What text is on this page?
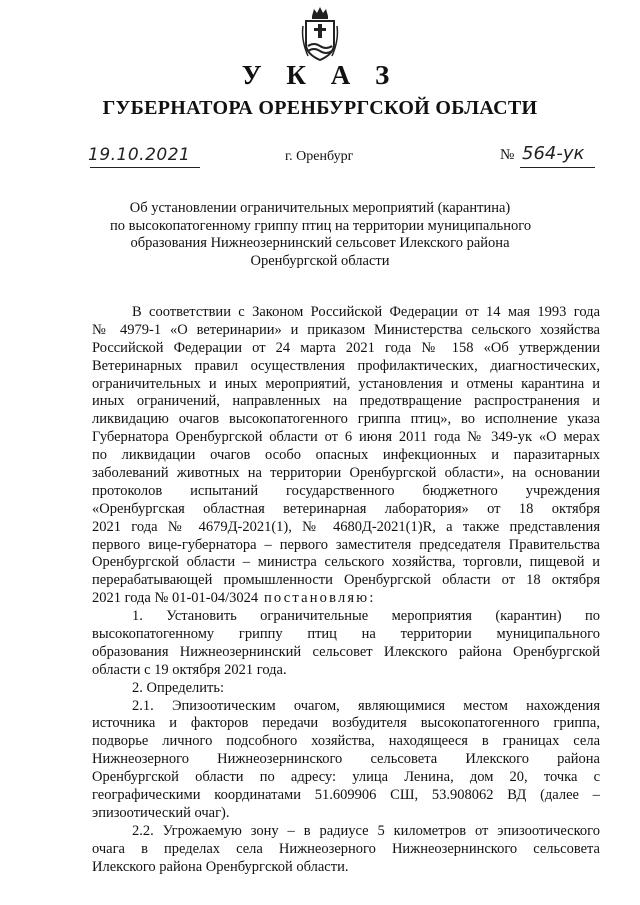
У К А З
ГУБЕРНАТОРА ОРЕНБУРГСКОЙ ОБЛАСТИ
19.10.2021	г. Оренбург	№ 564-ук
Об установлении ограничительных мероприятий (карантина)
по высокопатогенному гриппу птиц на территории муниципального
образования Нижнеозернинский сельсовет Илекского района
Оренбургской области
В соответствии с Законом Российской Федерации от 14 мая 1993 года
№ 4979-1 «О ветеринарии» и приказом Министерства сельского хозяйства
Российской Федерации от 24 марта 2021 года № 158 «Об утверждении
Ветеринарных правил осуществления профилактических, диагностических,
ограничительных и иных мероприятий, установления и отмены карантина и
иных ограничений, направленных на предотвращение распространения и
ликвидацию очагов высокопатогенного гриппа птиц», во исполнение указа
Губернатора Оренбургской области от 6 июня 2011 года № 349-ук «О мерах
по ликвидации очагов особо опасных инфекционных и паразитарных
заболеваний животных на территории Оренбургской области», на основании
протоколов испытаний государственного бюджетного учреждения
«Оренбургская областная ветеринарная лаборатория» от 18 октября
2021 года № 4679Д-2021(1), № 4680Д-2021(1)R, а также представления
первого вице-губернатора – первого заместителя председателя Правительства
Оренбургской области – министра сельского хозяйства, торговли, пищевой и
перерабатывающей промышленности Оренбургской области от 18 октября
2021 года № 01-01-04/3024 постановляю:
1. Установить ограничительные мероприятия (карантин) по
высокопатогенному гриппу птиц на территории муниципального
образования Нижнеозернинский сельсовет Илекского района Оренбургской
области с 19 октября 2021 года.
2. Определить:
2.1. Эпизоотическим очагом, являющимися местом нахождения
источника и факторов передачи возбудителя высокопатогенного гриппа,
подворье личного подсобного хозяйства, находящееся в границах села
Нижнеозерного Нижнеозернинского сельсовета Илекского района
Оренбургской области по адресу: улица Ленина, дом 20, точка с
географическими координатами 51.609906 СШ, 53.908062 ВД (далее –
эпизоотический очаг).
2.2. Угрожаемую зону – в радиусе 5 километров от эпизоотического
очага в пределах села Нижнеозерного Нижнеозернинского сельсовета
Илекского района Оренбургской области.
